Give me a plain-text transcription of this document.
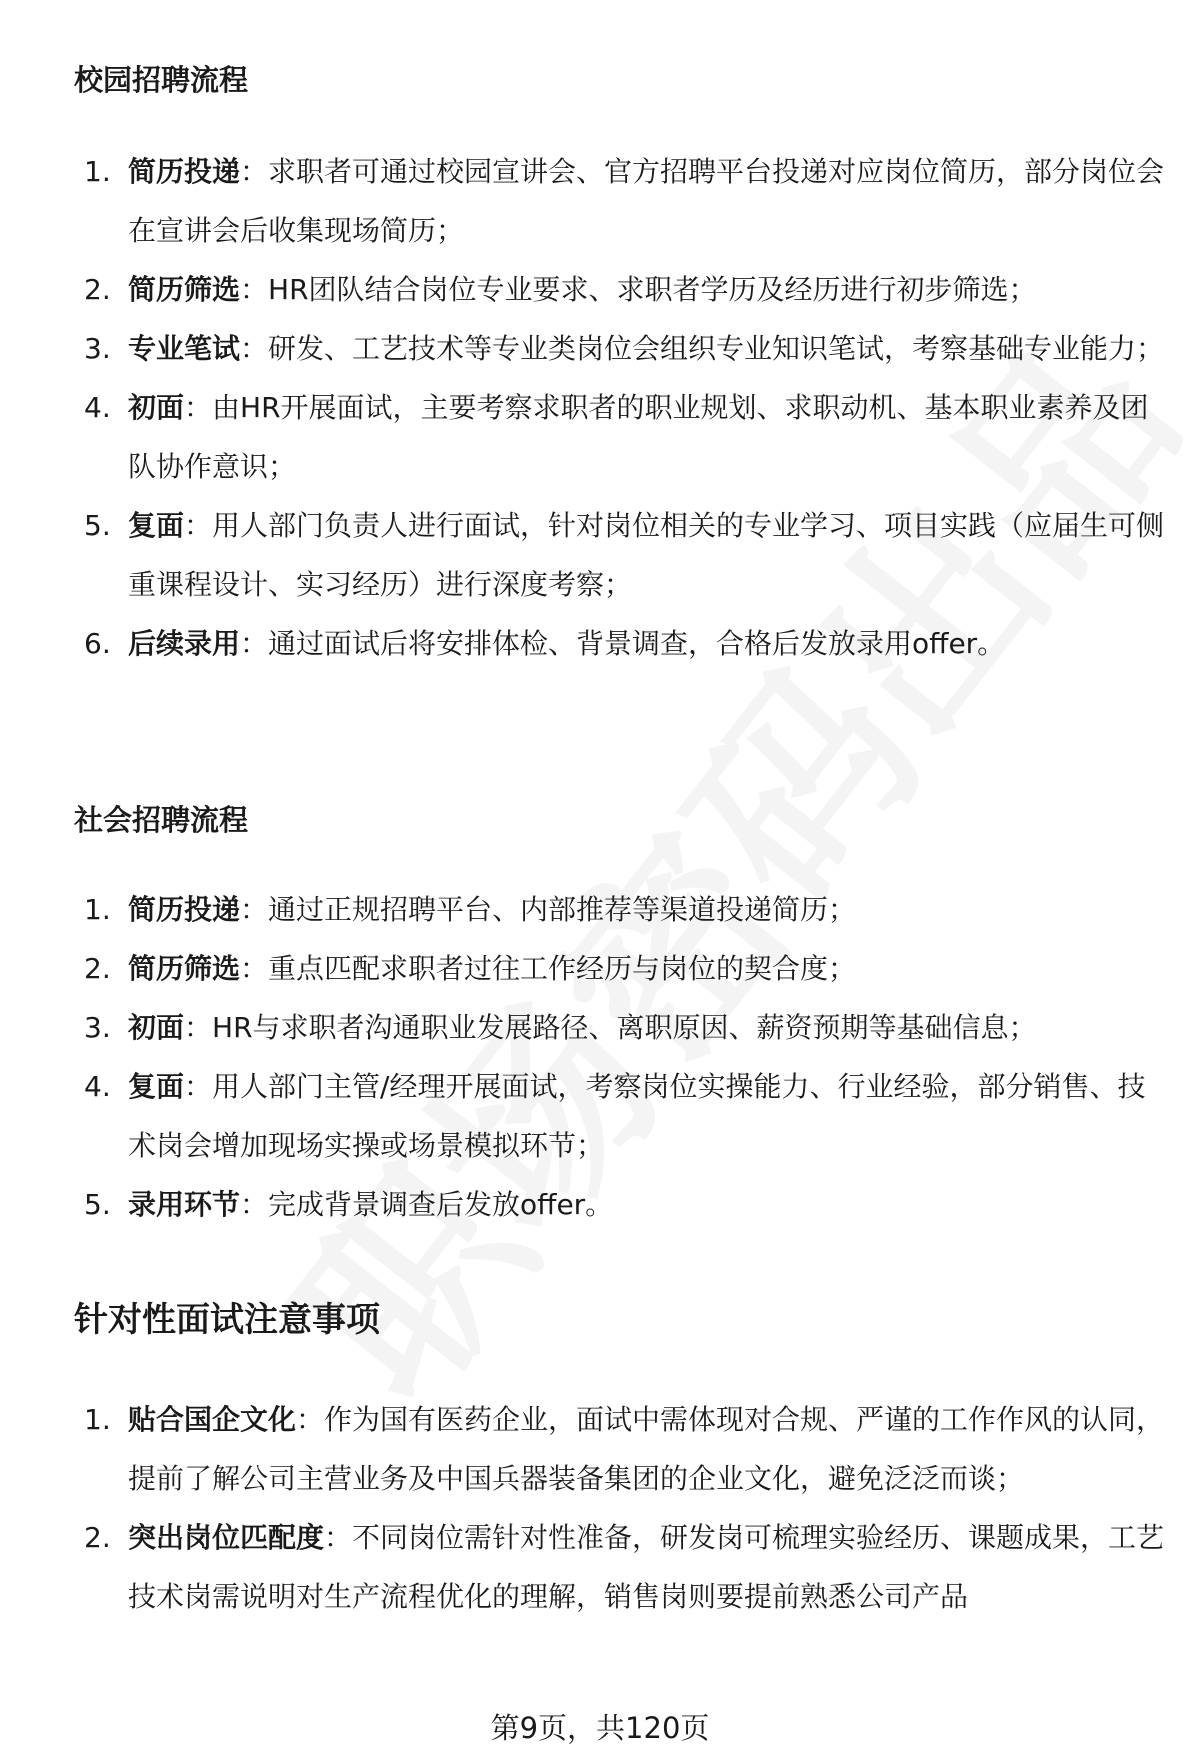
校园招聘流程
1. 简历投递：求职者可通过校园宣讲会、官方招聘平台投递对应岗位简历，部分岗位会在宣讲会后收集现场简历；
2. 简历筛选：HR团队结合岗位专业要求、求职者学历及经历进行初步筛选；
3. 专业笔试：研发、工艺技术等专业类岗位会组织专业知识笔试，考察基础专业能力；
4. 初面：由HR开展面试，主要考察求职者的职业规划、求职动机、基本职业素养及团队协作意识；
5. 复面：用人部门负责人进行面试，针对岗位相关的专业学习、项目实践（应届生可侧重课程设计、实习经历）进行深度考察；
6. 后续录用：通过面试后将安排体检、背景调查，合格后发放录用offer。
社会招聘流程
1. 简历投递：通过正规招聘平台、内部推荐等渠道投递简历；
2. 简历筛选：重点匹配求职者过往工作经历与岗位的契合度；
3. 初面：HR与求职者沟通职业发展路径、离职原因、薪资预期等基础信息；
4. 复面：用人部门主管/经理开展面试，考察岗位实操能力、行业经验，部分销售、技术岗会增加现场实操或场景模拟环节；
5. 录用环节：完成背景调查后发放offer。
针对性面试注意事项
1. 贴合国企文化：作为国有医药企业，面试中需体现对合规、严谨的工作作风的认同，提前了解公司主营业务及中国兵器装备集团的企业文化，避免泛泛而谈；
2. 突出岗位匹配度：不同岗位需针对性准备，研发岗可梳理实验经历、课题成果，工艺技术岗需说明对生产流程优化的理解，销售岗则要提前熟悉公司产品
第9页，共120页
